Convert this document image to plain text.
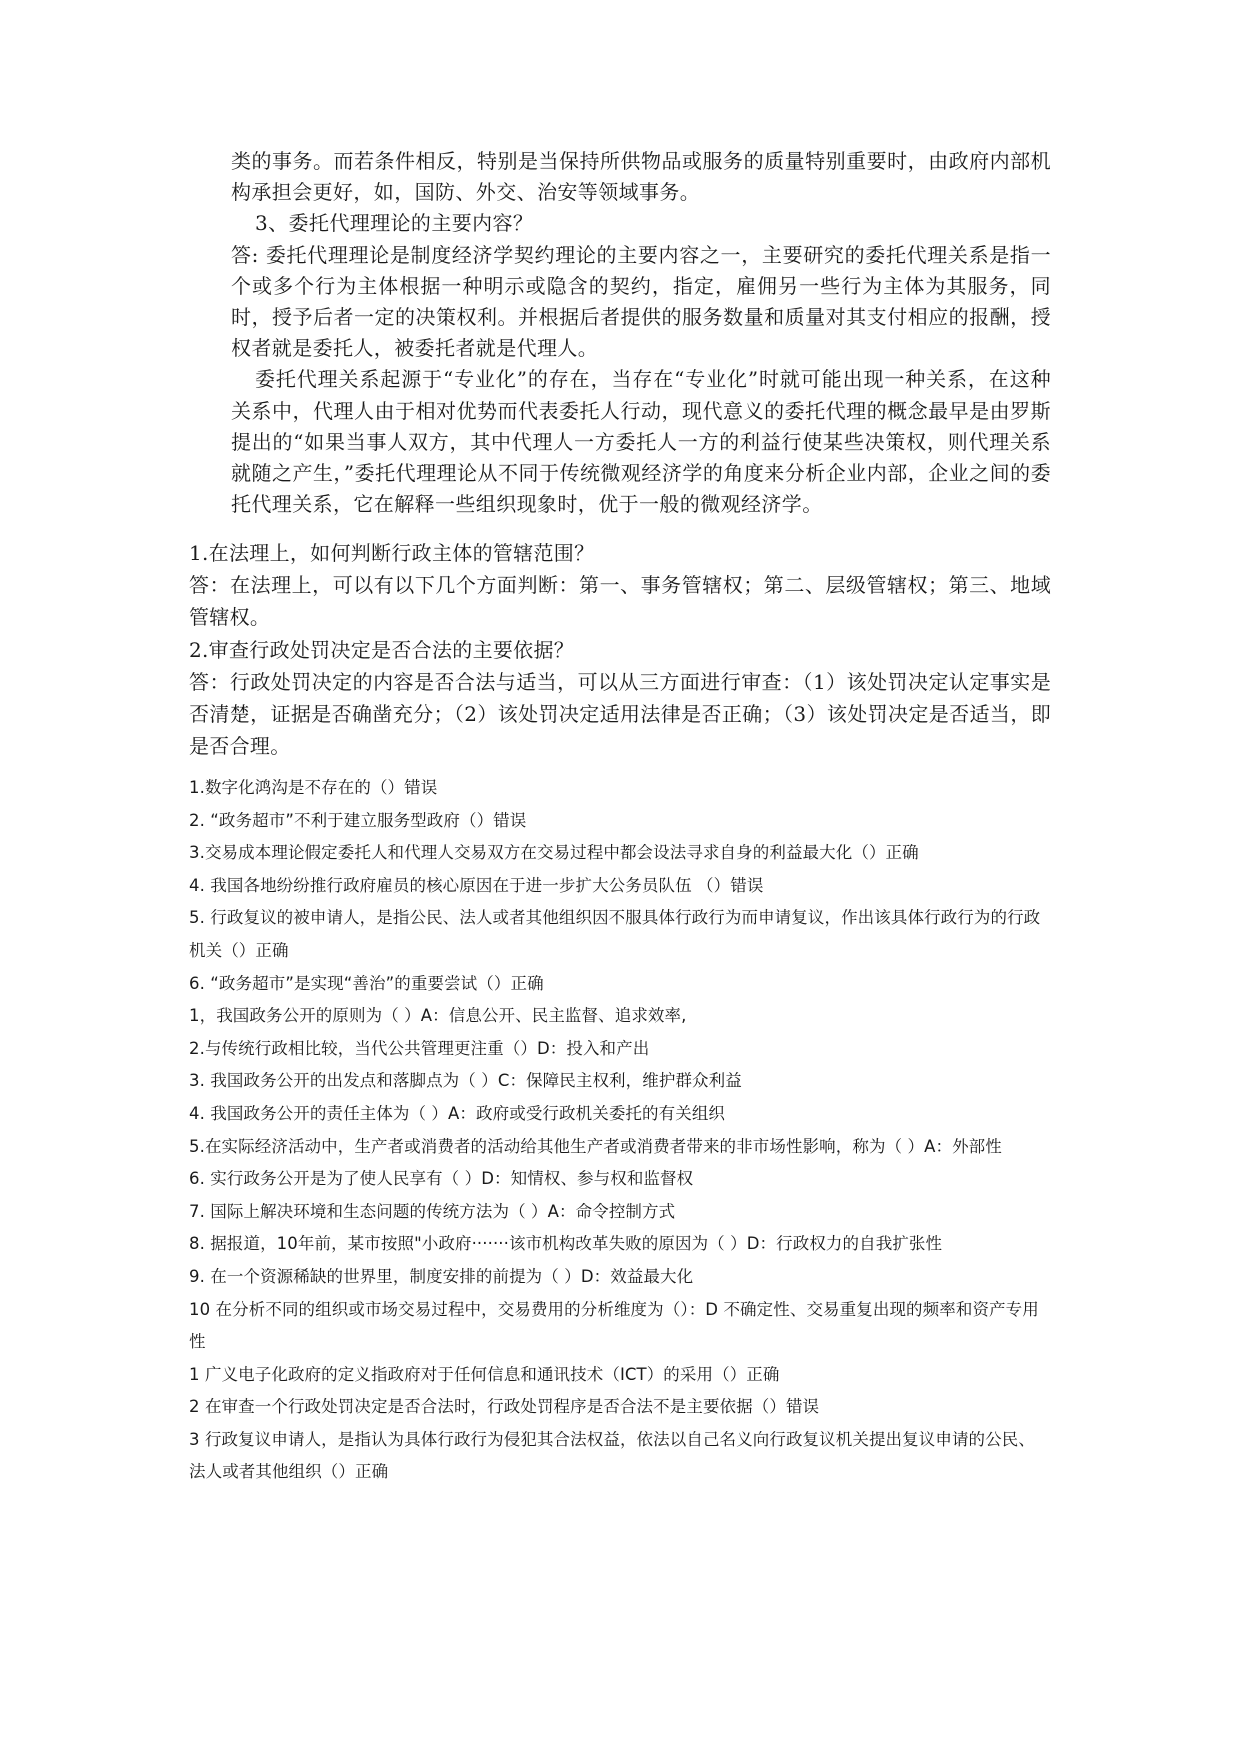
类的事务。而若条件相反，特别是当保持所供物品或服务的质量特别重要时，由政府内部机构承担会更好，如，国防、外交、治安等领域事务。

3、委托代理理论的主要内容？

答: 委托代理理论是制度经济学契约理论的主要内容之一，主要研究的委托代理关系是指一个或多个行为主体根据一种明示或隐含的契约，指定，雇佣另一些行为主体为其服务，同时，授予后者一定的决策权利。并根据后者提供的服务数量和质量对其支付相应的报酬，授权者就是委托人，被委托者就是代理人。

委托代理关系起源于“专业化”的存在，当存在“专业化”时就可能出现一种关系，在这种关系中，代理人由于相对优势而代表委托人行动，现代意义的委托代理的概念最早是由罗斯提出的“如果当事人双方，其中代理人一方委托人一方的利益行使某些决策权，则代理关系就随之产生，”委托代理理论从不同于传统微观经济学的角度来分析企业内部，企业之间的委托代理关系，它在解释一些组织现象时，优于一般的微观经济学。

1.在法理上，如何判断行政主体的管辖范围？

答：在法理上，可以有以下几个方面判断：第一、事务管辖权；第二、层级管辖权；第三、地域管辖权。

2.审查行政处罚决定是否合法的主要依据？

答：行政处罚决定的内容是否合法与适当，可以从三方面进行审查：（1）该处罚决定认定事实是否清楚，证据是否确凿充分；（2）该处罚决定适用法律是否正确；（3）该处罚决定是否适当，即是否合理。

1.数字化鸿沟是不存在的（）错误

2. “政务超市”不利于建立服务型政府（）错误

3.交易成本理论假定委托人和代理人交易双方在交易过程中都会设法寻求自身的利益最大化（）正确

4. 我国各地纷纷推行政府雇员的核心原因在于进一步扩大公务员队伍 （）错误

5. 行政复议的被申请人，是指公民、法人或者其他组织因不服具体行政行为而申请复议，作出该具体行政行为的行政机关（）正确

6. “政务超市”是实现“善治”的重要尝试（）正确

1，我国政务公开的原则为（ ）A：信息公开、民主监督、追求效率,

2.与传统行政相比较，当代公共管理更注重（）D：投入和产出

3. 我国政务公开的出发点和落脚点为（ ）C：保障民主权利，维护群众利益

4. 我国政务公开的责任主体为（ ）A：政府或受行政机关委托的有关组织

5.在实际经济活动中，生产者或消费者的活动给其他生产者或消费者带来的非市场性影响，称为（ ）A：外部性

6. 实行政务公开是为了使人民享有（ ）D：知情权、参与权和监督权

7. 国际上解决环境和生态问题的传统方法为（ ）A：命令控制方式

8. 据报道，10年前，某市按照"小政府·······该市机构改革失败的原因为（ ）D：行政权力的自我扩张性

9. 在一个资源稀缺的世界里，制度安排的前提为（ ）D：效益最大化

10 在分析不同的组织或市场交易过程中，交易费用的分析维度为（）：D 不确定性、交易重复出现的频率和资产专用性

1 广义电子化政府的定义指政府对于任何信息和通讯技术（ICT）的采用（）正确

2 在审查一个行政处罚决定是否合法时，行政处罚程序是否合法不是主要依据（）错误

3 行政复议申请人，是指认为具体行政行为侵犯其合法权益，依法以自己名义向行政复议机关提出复议申请的公民、法人或者其他组织（）正确
